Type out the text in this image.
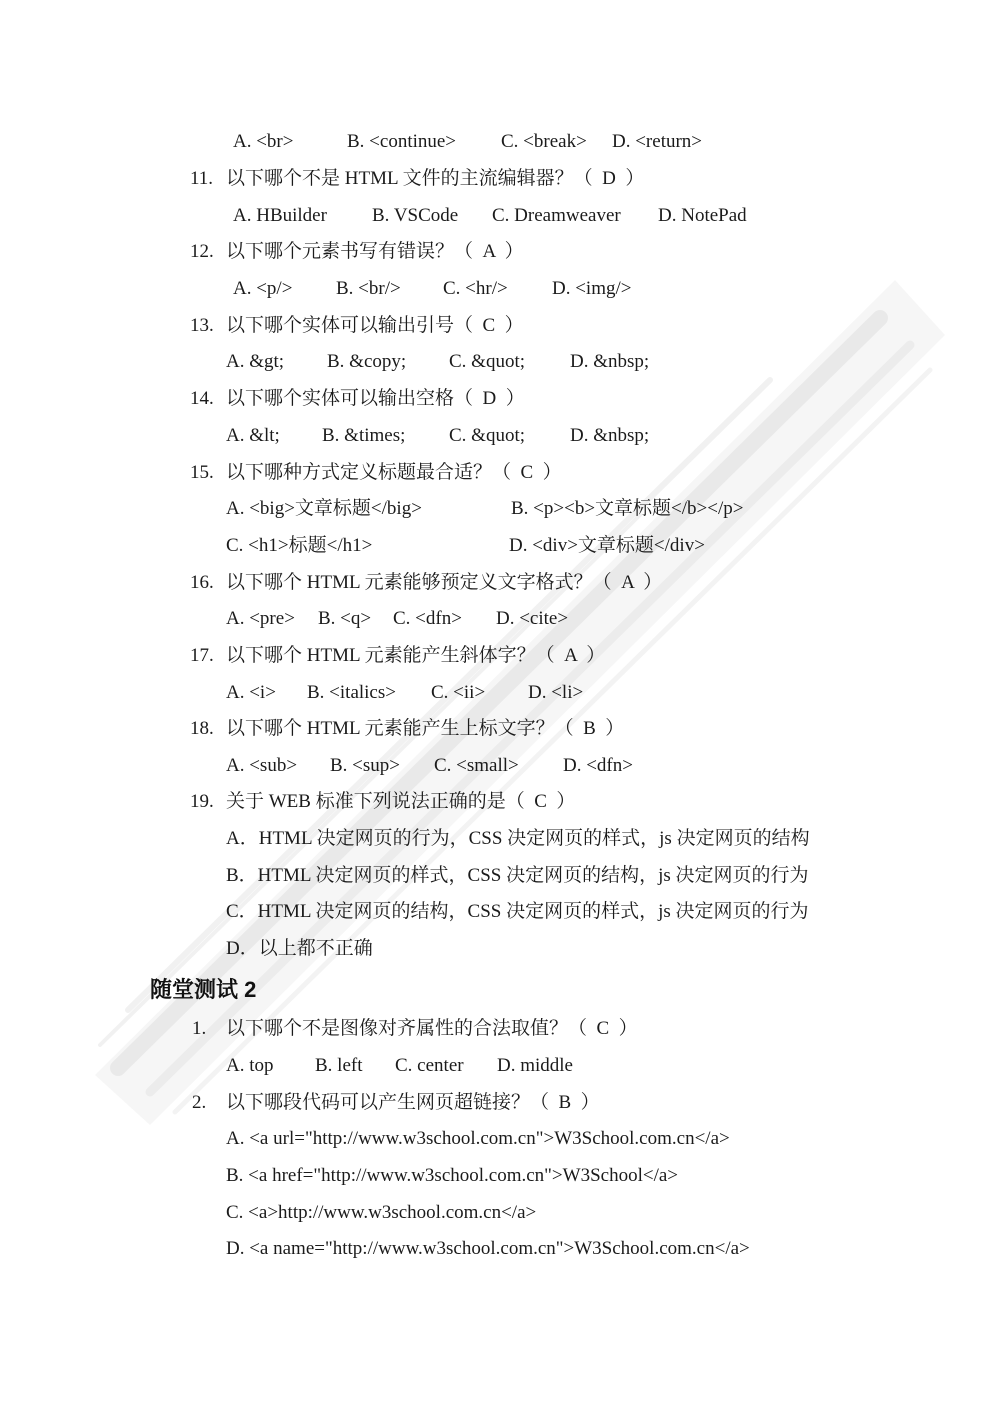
A. <br>	B. <continue> C. <break> D. <return>
11. 以下哪个不是 HTML 文件的主流编辑器？（  D  ）
A. HBuilder B. VSCode C. Dreamweaver D. NotePad
12. 以下哪个元素书写有错误？（  A  ）
A. <p/> B. <br/> C. <hr/> D. <img/>
13. 以下哪个实体可以输出引号（  C  ）
A. &gt; B. &copy; C. &quot; D. &nbsp;
14. 以下哪个实体可以输出空格（  D  ）
A. &lt; B. &times; C. &quot; D. &nbsp;
15. 以下哪种方式定义标题最合适？（  C  ）
A. <big>文章标题</big>	B. <p><b>文章标题</b></p>
C. <h1>标题</h1>	D. <div>文章标题</div>
16. 以下哪个 HTML 元素能够预定义文字格式？（  A  ）
A. <pre> B. <q> C. <dfn> D. <cite>
17. 以下哪个 HTML 元素能产生斜体字？（  A  ）
A. <i> B. <italics> C. <ii> D. <li>
18. 以下哪个 HTML 元素能产生上标文字？（  B  ）
A. <sub> B. <sup> C. <small> D. <dfn>
19. 关于 WEB 标准下列说法正确的是（  C  ）
A．HTML 决定网页的行为，CSS 决定网页的样式，js 决定网页的结构
B．HTML 决定网页的样式，CSS 决定网页的结构，js 决定网页的行为
C．HTML 决定网页的结构，CSS 决定网页的样式，js 决定网页的行为
D．以上都不正确
随堂测试 2
1. 以下哪个不是图像对齐属性的合法取值？（  C  ）
A. top B. left C. center D. middle
2. 以下哪段代码可以产生网页超链接？（  B  ）
A. <a url="http://www.w3school.com.cn">W3School.com.cn</a>
B. <a href="http://www.w3school.com.cn">W3School</a>
C. <a>http://www.w3school.com.cn</a>
D. <a name="http://www.w3school.com.cn">W3School.com.cn</a>
